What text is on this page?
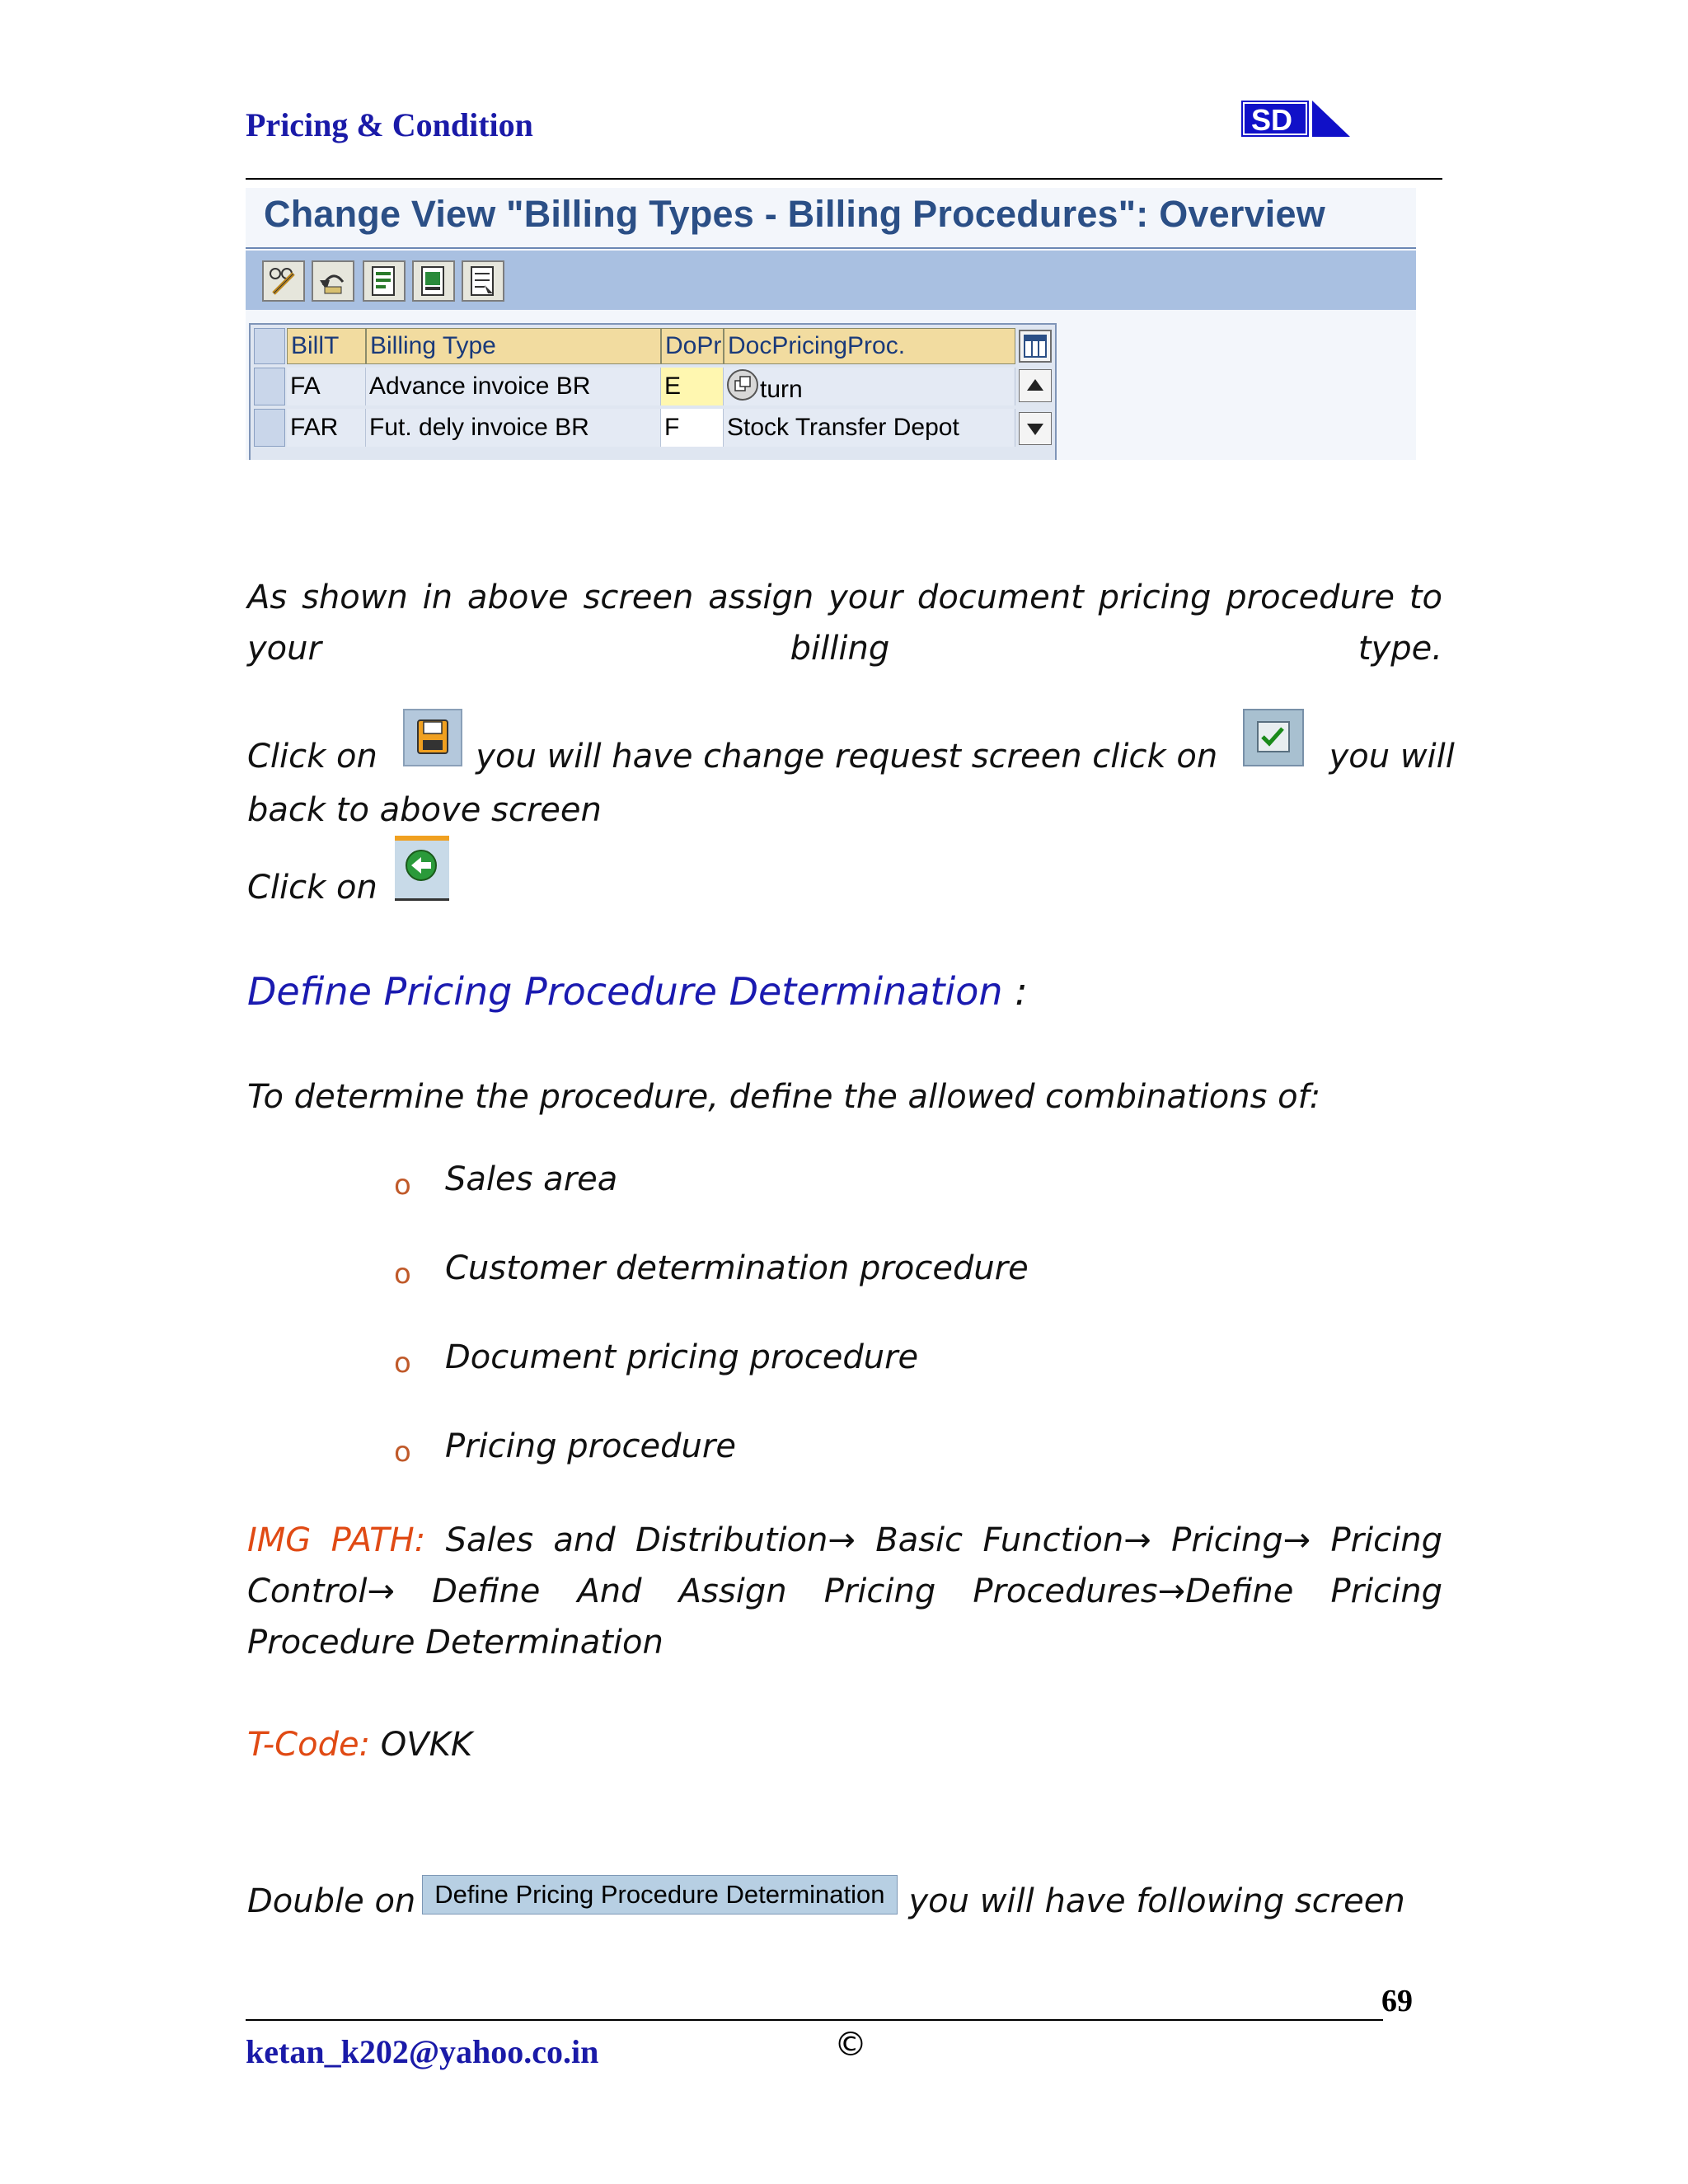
Pricing & Condition	SD
Change View "Billing Types - Billing Procedures": Overview
BillT	Billing Type	DoPr DocPricingProc.
FA	Advance invoice BR	E	turn
FAR	Fut. dely invoice BR	F	Stock Transfer Depot
As shown in above screen assign your document pricing procedure to your billing type.
Click on	you will have change request screen click on	you will
back to above screen
Click on
Define Pricing Procedure Determination :
To determine the procedure, define the allowed combinations of:
o Sales area
o Customer determination procedure
o Document pricing procedure
o Pricing procedure
IMG PATH: Sales and Distribution→ Basic Function→ Pricing→ Pricing
Control→ Define And Assign Pricing Procedures→Define Pricing
Procedure Determination
T-Code: OVKK
Double on Define Pricing Procedure Determination you will have following screen
69
ketan_k202@yahoo.co.in	©
